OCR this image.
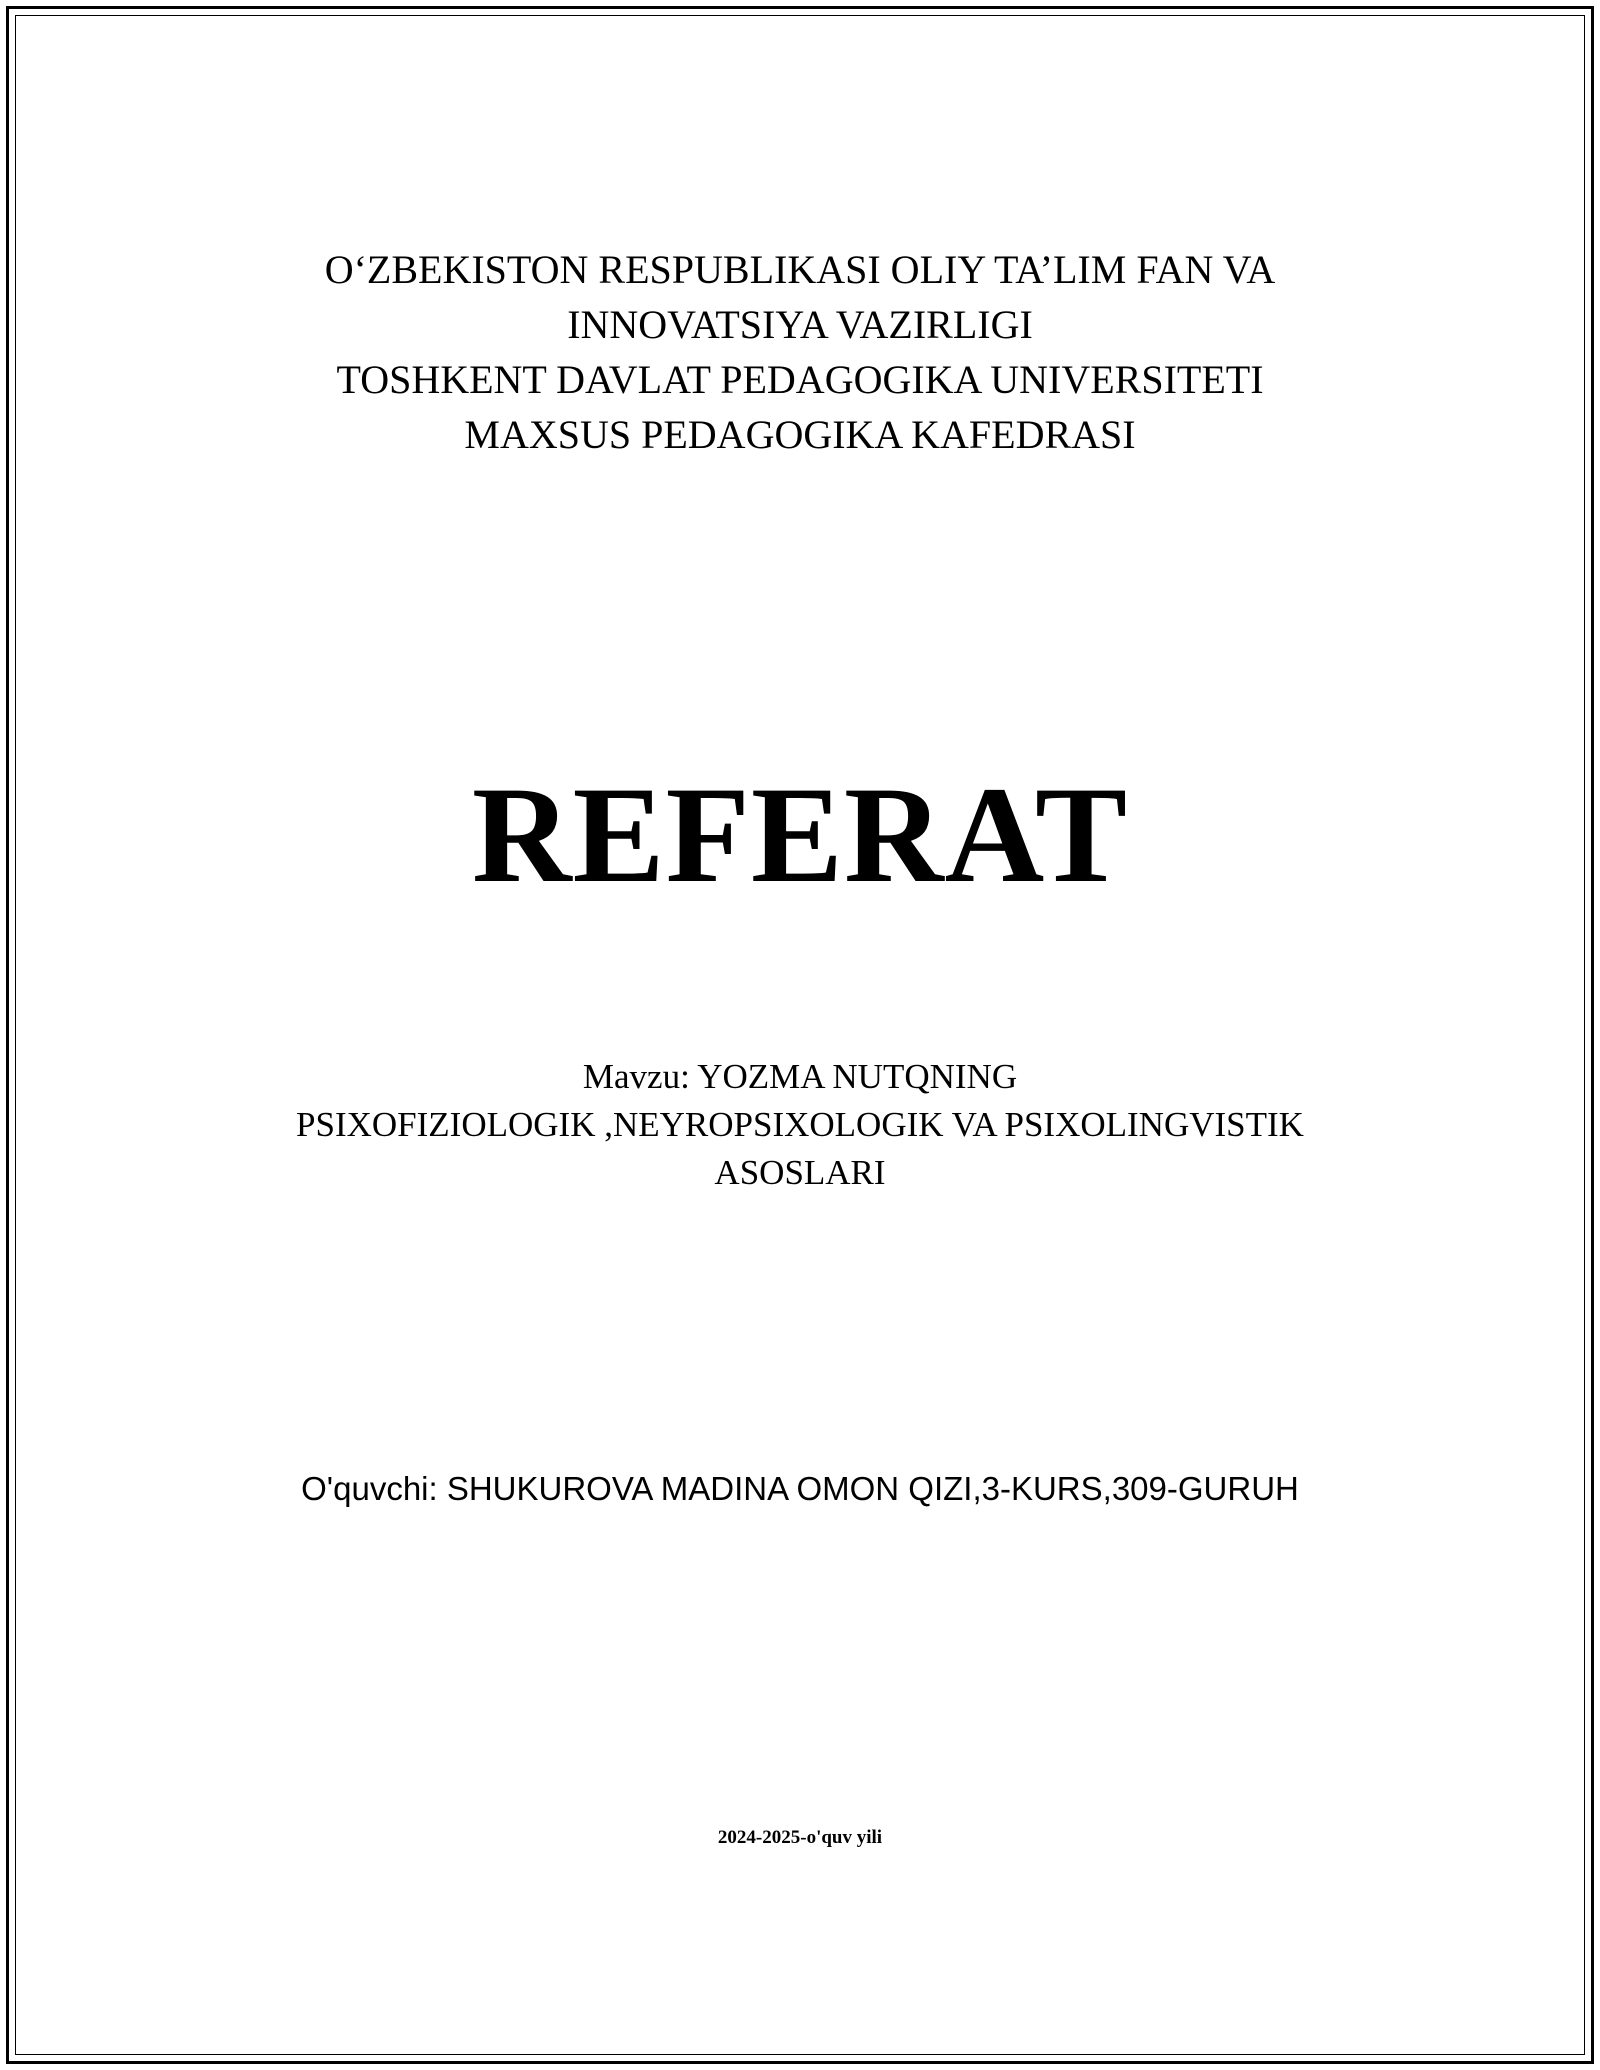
O‘ZBEKISTON RESPUBLIKASI OLIY TA’LIM FAN VA
INNOVATSIYA VAZIRLIGI
TOSHKENT DAVLAT PEDAGOGIKA UNIVERSITETI
MAXSUS PEDAGOGIKA KAFEDRASI
REFERAT
Mavzu: YOZMA NUTQNING
PSIXOFIZIOLOGIK ,NEYROPSIXOLOGIK VA PSIXOLINGVISTIK
ASOSLARI
O'quvchi: SHUKUROVA MADINA OMON QIZI,3-KURS,309-GURUH
2024-2025-o'quv yili
